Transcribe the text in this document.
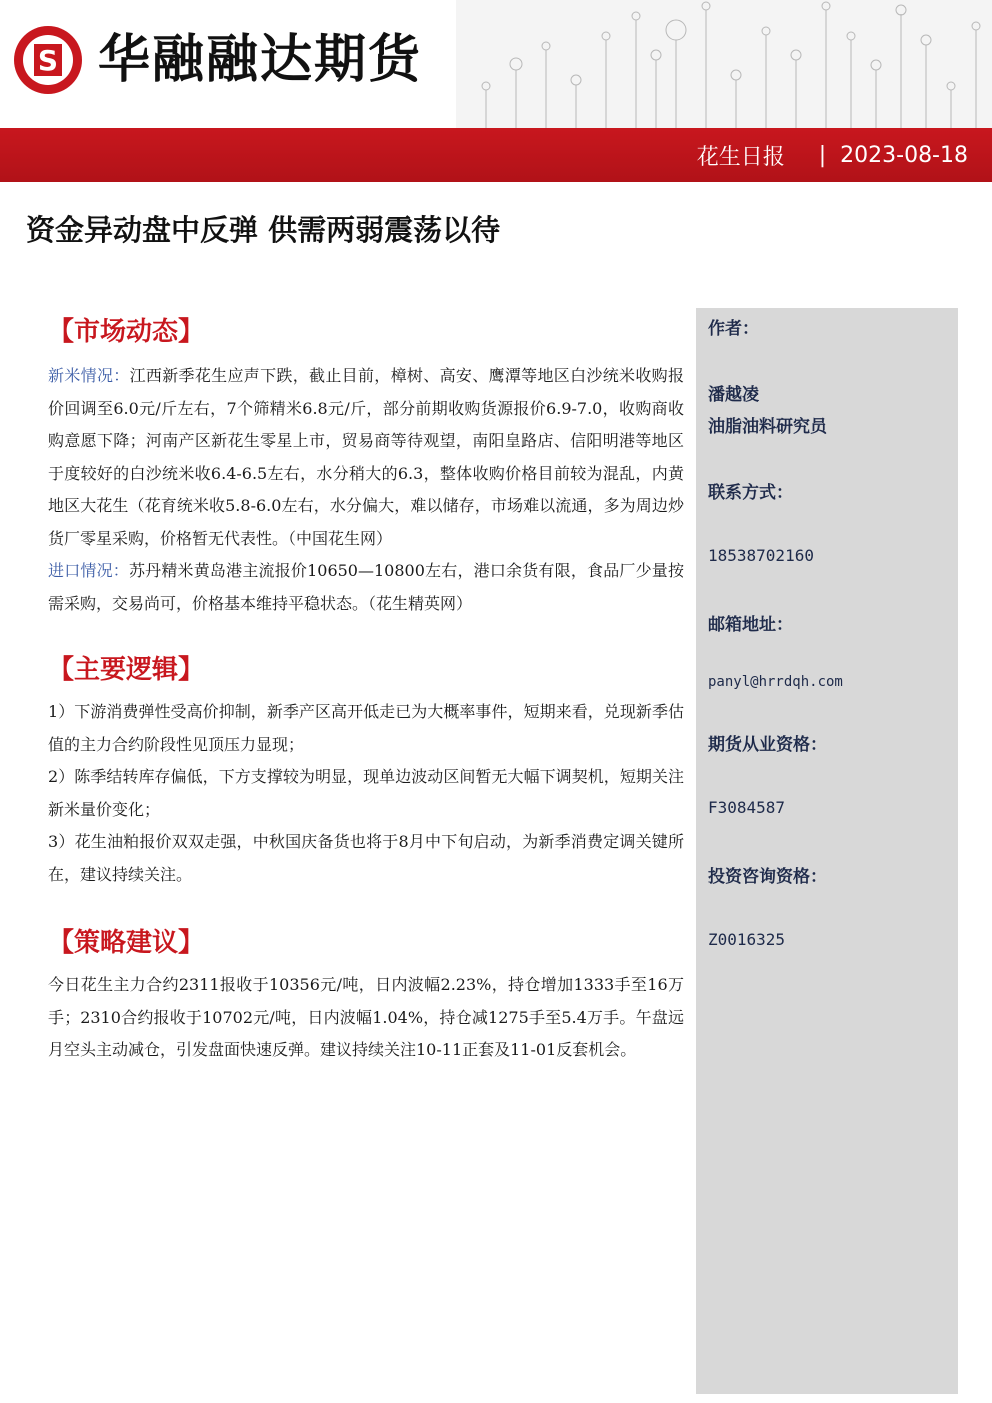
S 华融融达期货
花生日报 | 2023-08-18
资金异动盘中反弹 供需两弱震荡以待
【市场动态】

新米情况：江西新季花生应声下跌，截止目前，樟树、高安、鹰潭等地区白沙统米收购报价回调至6.0元/斤左右，7个筛精米6.8元/斤，部分前期收购货源报价6.9-7.0，收购商收购意愿下降；河南产区新花生零星上市，贸易商等待观望，南阳皇路店、信阳明港等地区于度较好的白沙统米收6.4-6.5左右，水分稍大的6.3，整体收购价格目前较为混乱，内黄地区大花生（花育统米收5.8-6.0左右，水分偏大，难以储存，市场难以流通，多为周边炒货厂零星采购，价格暂无代表性。（中国花生网）

进口情况：苏丹精米黄岛港主流报价10650—10800左右，港口余货有限，食品厂少量按需采购，交易尚可，价格基本维持平稳状态。（花生精英网）

【主要逻辑】

1）下游消费弹性受高价抑制，新季产区高开低走已为大概率事件，短期来看，兑现新季估值的主力合约阶段性见顶压力显现；

2）陈季结转库存偏低，下方支撑较为明显，现单边波动区间暂无大幅下调契机，短期关注新米量价变化；

3）花生油粕报价双双走强，中秋国庆备货也将于8月中下旬启动，为新季消费定调关键所在，建议持续关注。

【策略建议】

今日花生主力合约2311报收于10356元/吨，日内波幅2.23%，持仓增加1333手至16万手；2310合约报收于10702元/吨，日内波幅1.04%，持仓减1275手至5.4万手。午盘远月空头主动减仓，引发盘面快速反弹。建议持续关注10-11正套及11-01反套机会。

作者：
潘越凌
油脂油料研究员
联系方式：
18538702160
邮箱地址：
panyl@hrrdqh.com
期货从业资格：
F3084587
投资咨询资格：
Z0016325
